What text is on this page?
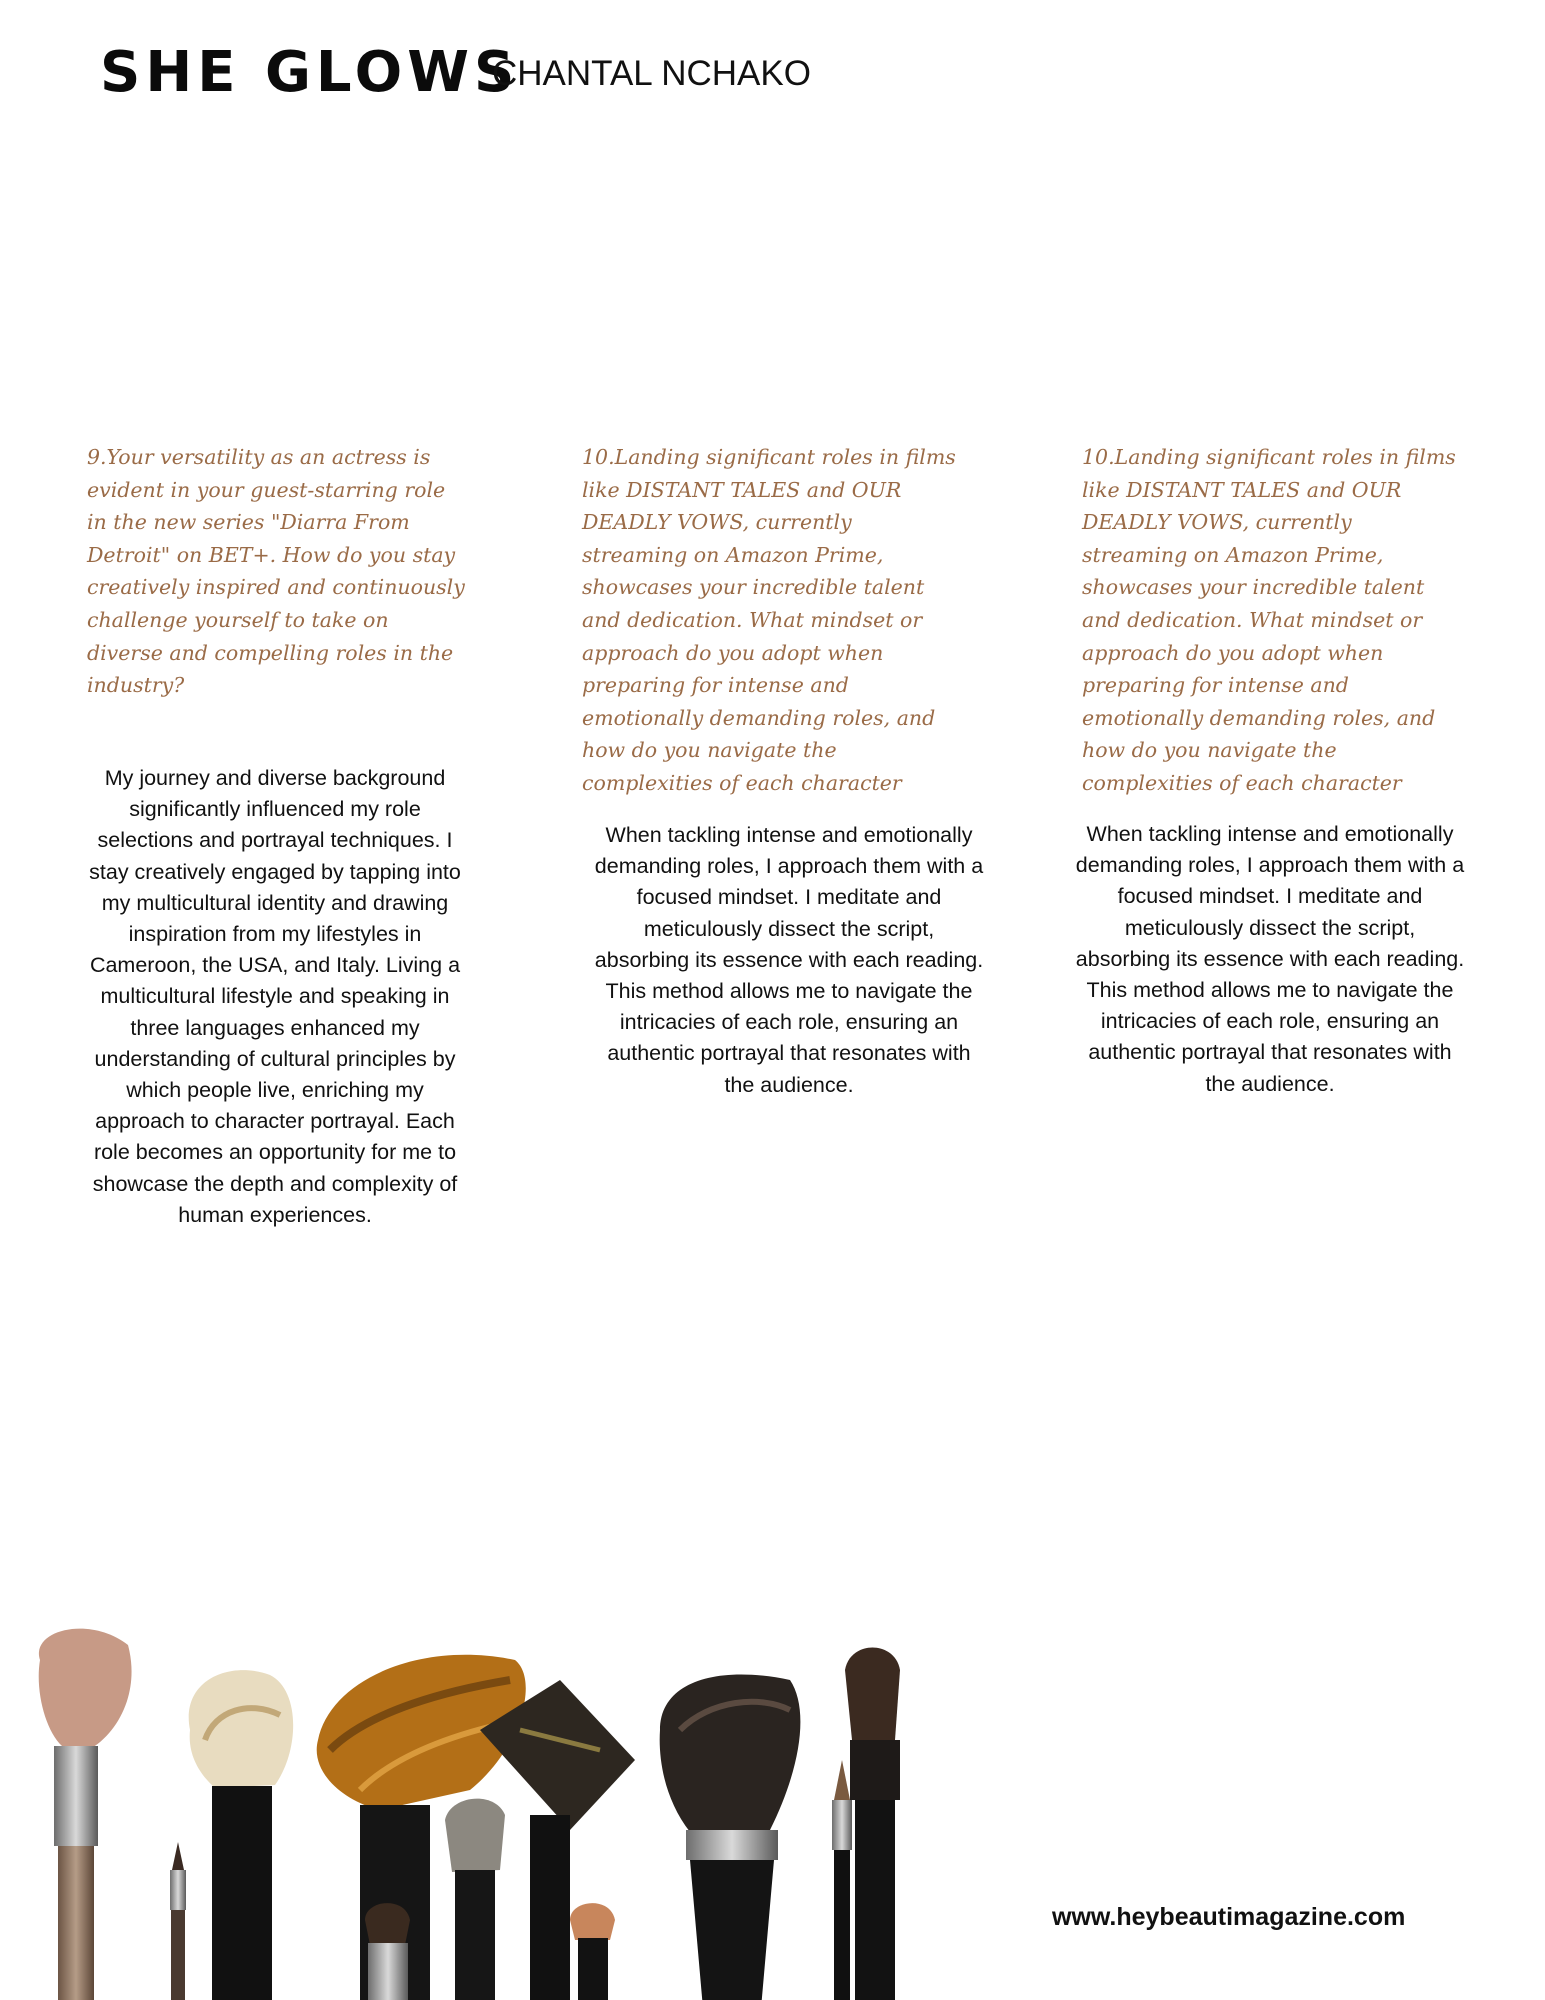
SHE GLOWS
CHANTAL NCHAKO
9.Your versatility as an actress is evident in your guest-starring role in the new series "Diarra From Detroit" on BET+. How do you stay creatively inspired and continuously challenge yourself to take on diverse and compelling roles in the industry?
10.Landing significant roles in films like DISTANT TALES and OUR DEADLY VOWS, currently streaming on Amazon Prime, showcases your incredible talent and dedication. What mindset or approach do you adopt when preparing for intense and emotionally demanding roles, and how do you navigate the complexities of each character
10.Landing significant roles in films like DISTANT TALES and OUR DEADLY VOWS, currently streaming on Amazon Prime, showcases your incredible talent and dedication. What mindset or approach do you adopt when preparing for intense and emotionally demanding roles, and how do you navigate the complexities of each character
My journey and diverse background significantly influenced my role selections and portrayal techniques. I stay creatively engaged by tapping into my multicultural identity and drawing inspiration from my lifestyles in Cameroon, the USA, and Italy. Living a multicultural lifestyle and speaking in three languages enhanced my understanding of cultural principles by which people live, enriching my approach to character portrayal. Each role becomes an opportunity for me to showcase the depth and complexity of human experiences.
When tackling intense and emotionally demanding roles, I approach them with a focused mindset. I meditate and meticulously dissect the script, absorbing its essence with each reading. This method allows me to navigate the intricacies of each role, ensuring an authentic portrayal that resonates with the audience.
When tackling intense and emotionally demanding roles, I approach them with a focused mindset. I meditate and meticulously dissect the script, absorbing its essence with each reading. This method allows me to navigate the intricacies of each role, ensuring an authentic portrayal that resonates with the audience.
www.heybeautimagazine.com
